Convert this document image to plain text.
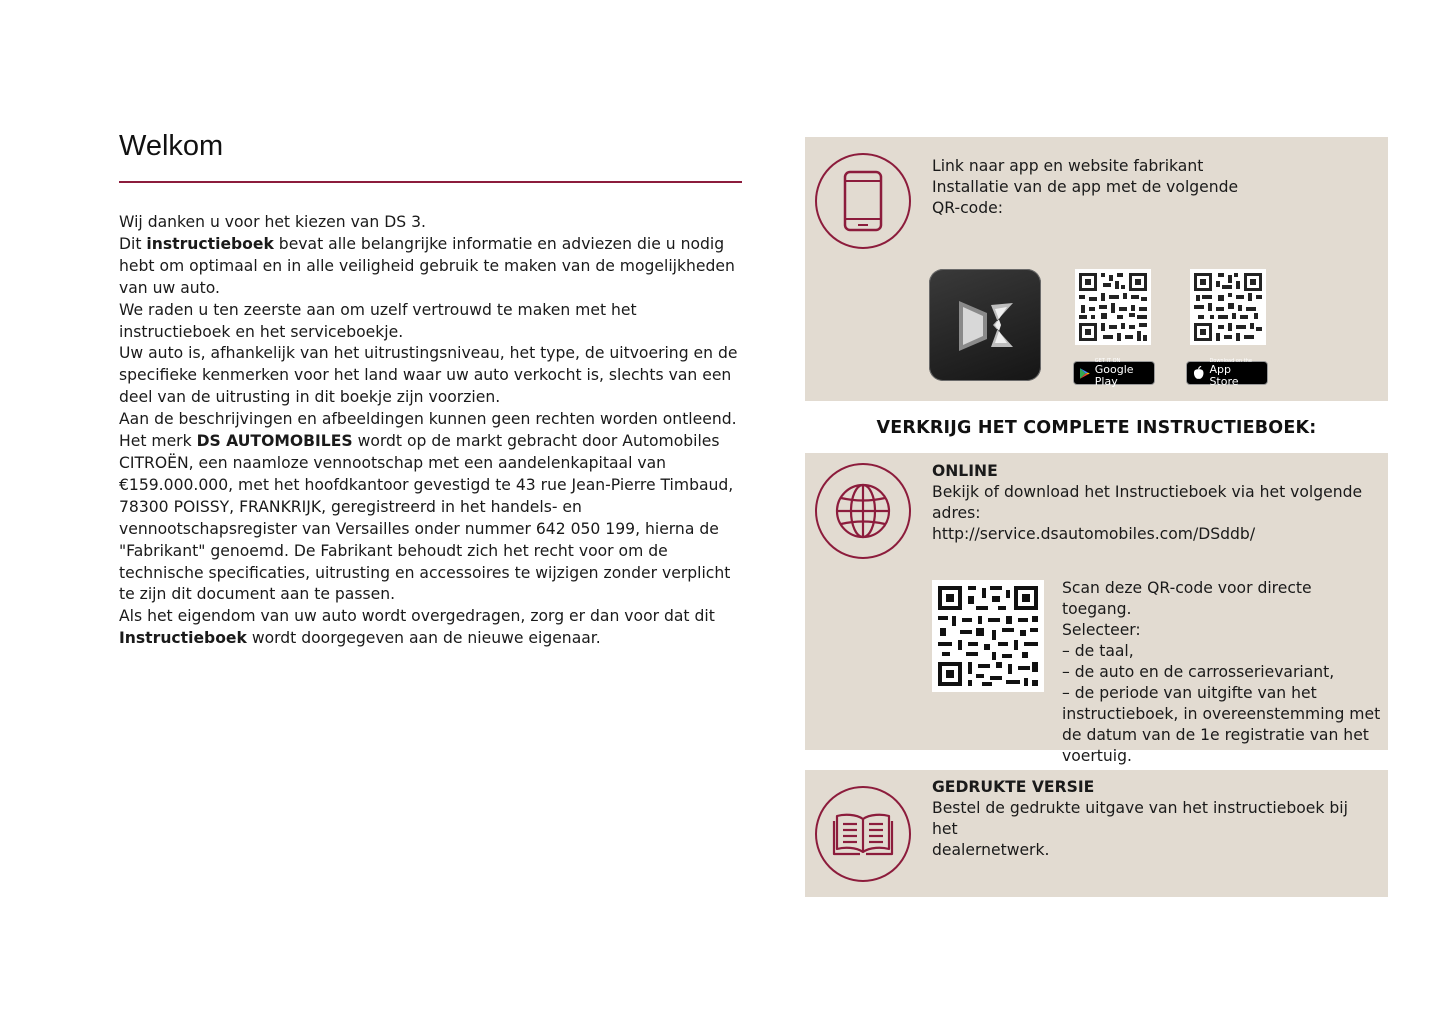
Welkom

Wij danken u voor het kiezen van DS 3.

Dit instructieboek bevat alle belangrijke informatie en adviezen die u nodig hebt om optimaal en in alle veiligheid gebruik te maken van de mogelijkheden van uw auto.

We raden u ten zeerste aan om uzelf vertrouwd te maken met het instructieboek en het serviceboekje.

Uw auto is, afhankelijk van het uitrustingsniveau, het type, de uitvoering en de specifieke kenmerken voor het land waar uw auto verkocht is, slechts van een deel van de uitrusting in dit boekje zijn voorzien.

Aan de beschrijvingen en afbeeldingen kunnen geen rechten worden ontleend.

Het merk DS AUTOMOBILES wordt op de markt gebracht door Automobiles CITROËN, een naamloze vennootschap met een aandelenkapitaal van €159.000.000, met het hoofdkantoor gevestigd te 43 rue Jean-Pierre Timbaud, 78300 POISSY, FRANKRIJK, geregistreerd in het handels- en vennootschapsregister van Versailles onder nummer 642 050 199, hierna de "Fabrikant" genoemd. De Fabrikant behoudt zich het recht voor om de technische specificaties, uitrusting en accessoires te wijzigen zonder verplicht te zijn dit document aan te passen.

Als het eigendom van uw auto wordt overgedragen, zorg er dan voor dat dit Instructieboek wordt doorgegeven aan de nieuwe eigenaar.

Link naar app en website fabrikant
Installatie van de app met de volgende
QR-code:
GET IT ON
Google Play
Download on the
App Store
VERKRIJG HET COMPLETE INSTRUCTIEBOEK:
ONLINE
Bekijk of download het Instructieboek via het volgende
adres:
http://service.dsautomobiles.com/DSddb/
Scan deze QR-code voor directe toegang.
Selecteer:
– de taal,
– de auto en de carrosserievariant,
– de periode van uitgifte van het
instructieboek, in overeenstemming met
de datum van de 1e registratie van het
voertuig.
GEDRUKTE VERSIE
Bestel de gedrukte uitgave van het instructieboek bij het
dealernetwerk.
